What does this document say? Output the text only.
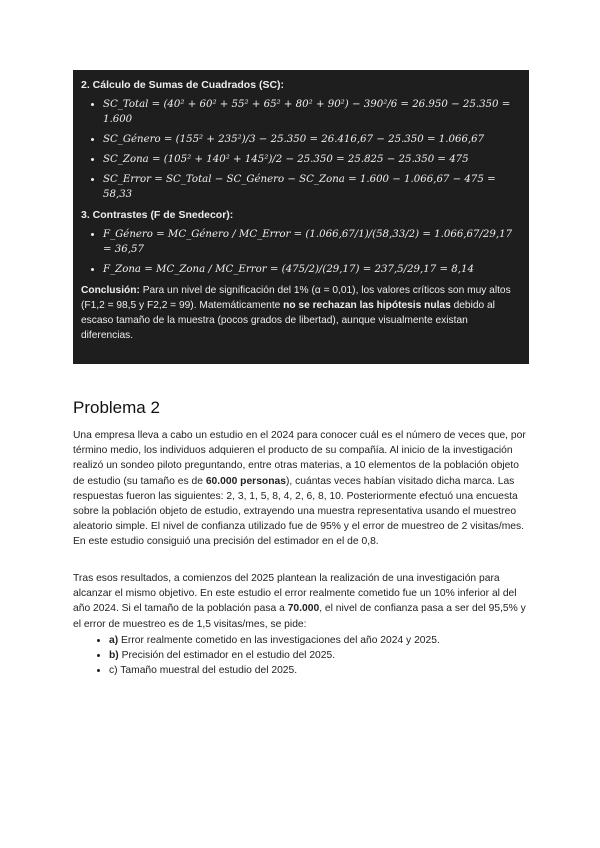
2. Cálculo de Sumas de Cuadrados (SC):
• SC_Total = (40² + 60² + 55² + 65² + 80² + 90²) − 390²/6 = 26.950 − 25.350 = 1.600
• SC_Género = (155² + 235²)/3 − 25.350 = 26.416,67 − 25.350 = 1.066,67
• SC_Zona = (105² + 140² + 145²)/2 − 25.350 = 25.825 − 25.350 = 475
• SC_Error = SC_Total − SC_Género − SC_Zona = 1.600 − 1.066,67 − 475 = 58,33
3. Contrastes (F de Snedecor):
• F_Género = MC_Género / MC_Error = (1.066,67/1)/(58,33/2) = 1.066,67/29,17 = 36,57
• F_Zona = MC_Zona / MC_Error = (475/2)/(29,17) = 237,5/29,17 = 8,14

Conclusión: Para un nivel de significación del 1% (α = 0,01), los valores críticos son muy altos (F1,2 = 98,5 y F2,2 = 99). Matemáticamente no se rechazan las hipótesis nulas debido al escaso tamaño de la muestra (pocos grados de libertad), aunque visualmente existan diferencias.

Problema 2

Una empresa lleva a cabo un estudio en el 2024 para conocer cuál es el número de veces que, por término medio, los individuos adquieren el producto de su compañía. Al inicio de la investigación realizó un sondeo piloto preguntando, entre otras materias, a 10 elementos de la población objeto de estudio (su tamaño es de 60.000 personas), cuántas veces habían visitado dicha marca. Las respuestas fueron las siguientes: 2, 3, 1, 5, 8, 4, 2, 6, 8, 10. Posteriormente efectuó una encuesta sobre la población objeto de estudio, extrayendo una muestra representativa usando el muestreo aleatorio simple. El nivel de confianza utilizado fue de 95% y el error de muestreo de 2 visitas/mes. En este estudio consiguió una precisión del estimador en el de 0,8.

Tras esos resultados, a comienzos del 2025 plantean la realización de una investigación para alcanzar el mismo objetivo. En este estudio el error realmente cometido fue un 10% inferior al del año 2024. Si el tamaño de la población pasa a 70.000, el nivel de confianza pasa a ser del 95,5% y el error de muestreo es de 1,5 visitas/mes, se pide:

• a) Error realmente cometido en las investigaciones del año 2024 y 2025.
• b) Precisión del estimador en el estudio del 2025.
• c) Tamaño muestral del estudio del 2025.
